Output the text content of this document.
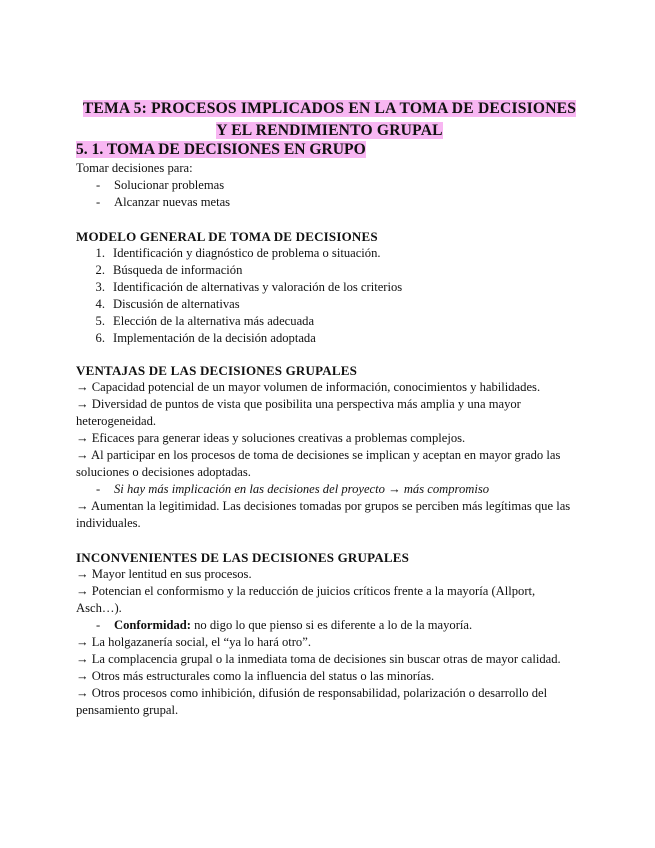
TEMA 5: PROCESOS IMPLICADOS EN LA TOMA DE DECISIONES
Y EL RENDIMIENTO GRUPAL

5. 1. TOMA DE DECISIONES EN GRUPO

Tomar decisiones para:

-	Solucionar problemas
-	Alcanzar nuevas metas

MODELO GENERAL DE TOMA DE DECISIONES

1. Identificación y diagnóstico de problema o situación.
2. Búsqueda de información
3. Identificación de alternativas y valoración de los criterios
4. Discusión de alternativas
5. Elección de la alternativa más adecuada
6. Implementación de la decisión adoptada

VENTAJAS DE LAS DECISIONES GRUPALES

→ Capacidad potencial de un mayor volumen de información, conocimientos y habilidades.

→ Diversidad de puntos de vista que posibilita una perspectiva más amplia y una mayor heterogeneidad.

→ Eficaces para generar ideas y soluciones creativas a problemas complejos.

→ Al participar en los procesos de toma de decisiones se implican y aceptan en mayor grado las soluciones o decisiones adoptadas.

-	Si hay más implicación en las decisiones del proyecto → más compromiso

→ Aumentan la legitimidad. Las decisiones tomadas por grupos se perciben más legítimas que las individuales.

INCONVENIENTES DE LAS DECISIONES GRUPALES

→ Mayor lentitud en sus procesos.

→ Potencian el conformismo y la reducción de juicios críticos frente a la mayoría (Allport, Asch…).

-	Conformidad: no digo lo que pienso si es diferente a lo de la mayoría.

→ La holgazanería social, el “ya lo hará otro”.

→ La complacencia grupal o la inmediata toma de decisiones sin buscar otras de mayor calidad.

→ Otros más estructurales como la influencia del status o las minorías.

→ Otros procesos como inhibición, difusión de responsabilidad, polarización o desarrollo del pensamiento grupal.
